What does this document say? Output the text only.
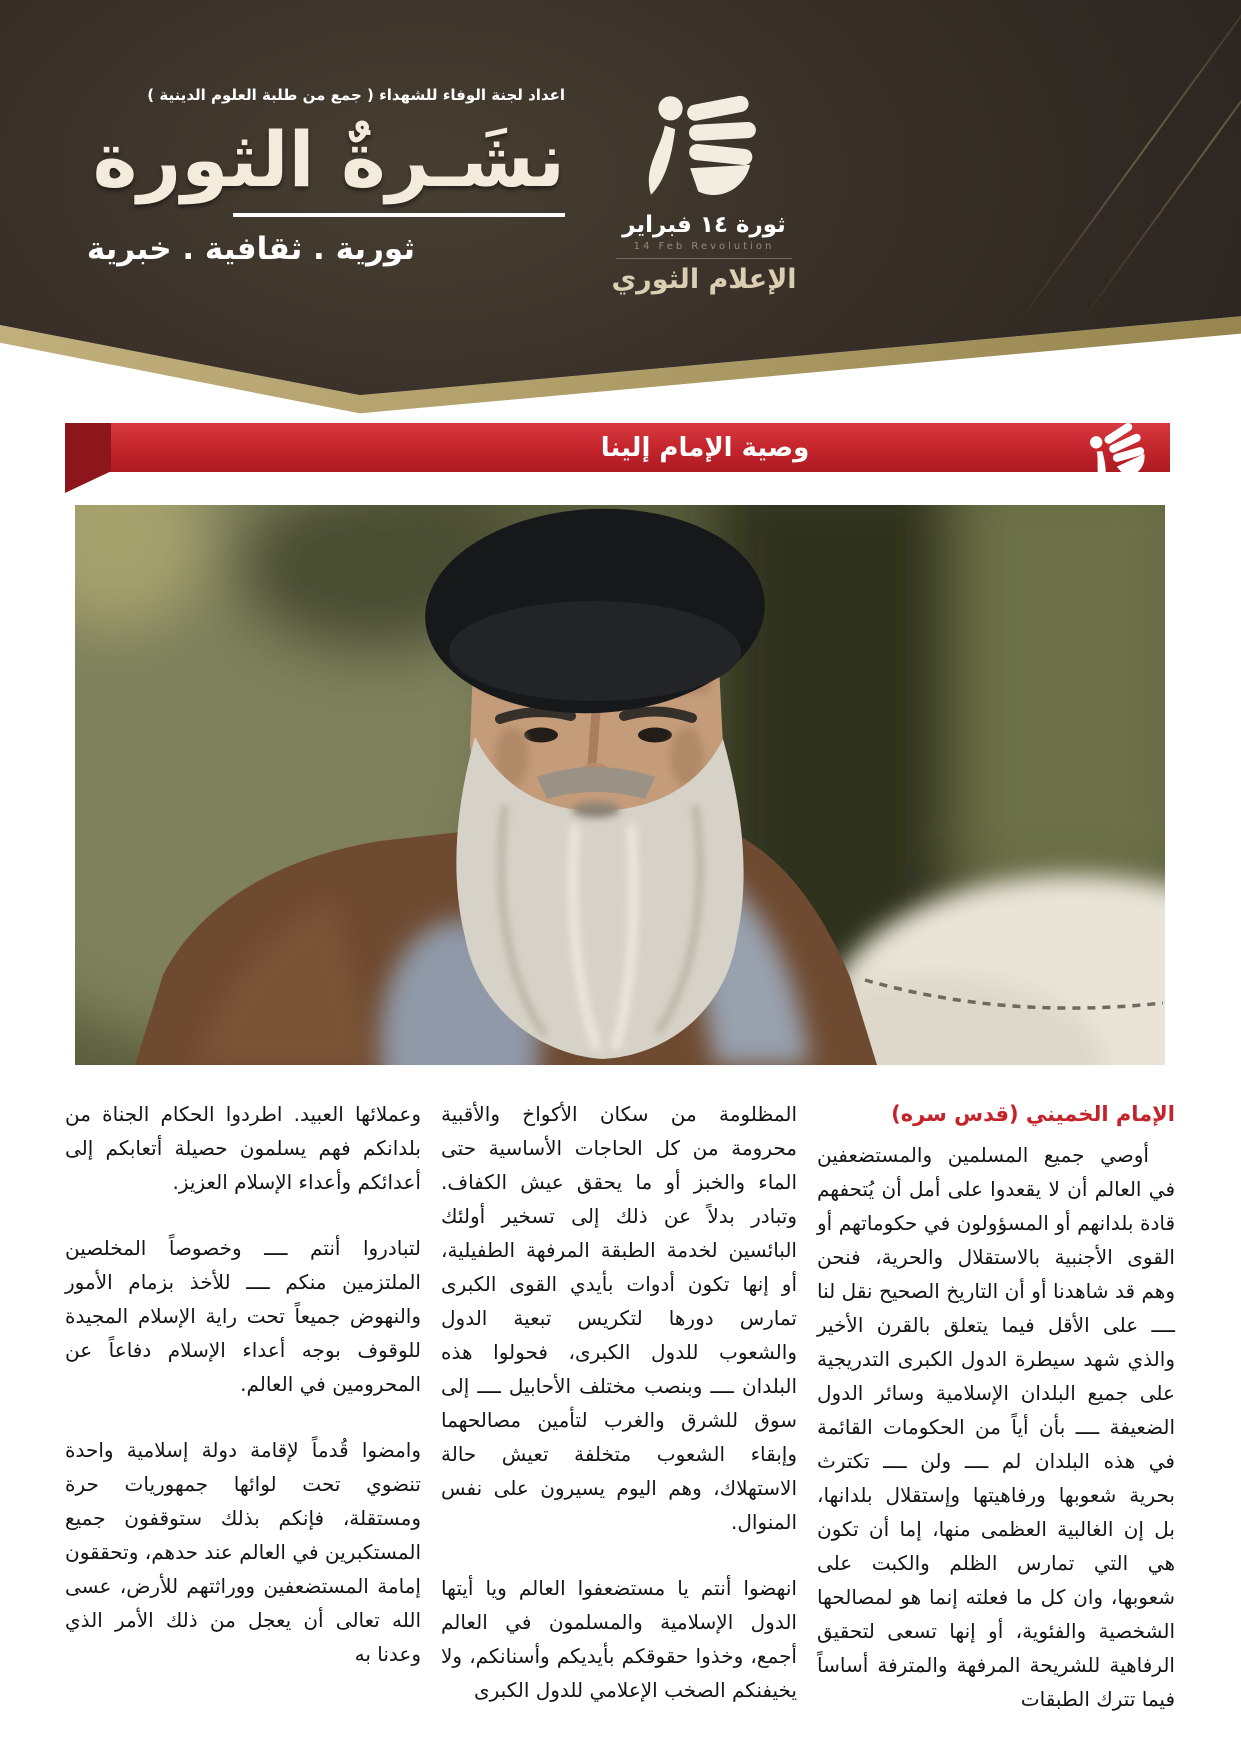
اعداد لجنة الوفاء للشهداء ( جمع من طلبة العلوم الدينية )
نشَـرةٌ الثورة
ثورية . ثقافية . خبرية
ثورة ١٤ فبراير
14 Feb Revolution
الإعلام الثوري
وصية الإمام إلينا
الإمام الخميني (قدس سره)

أوصي جميع المسلمين والمستضعفين في العالم أن لا يقعدوا على أمل أن يُتحفهم قادة بلدانهم أو المسؤولون في حكوماتهم أو القوى الأجنبية بالاستقلال والحرية، فنحن وهم قد شاهدنا أو أن التاريخ الصحيح نقل لنا ــــ على الأقل فيما يتعلق بالقرن الأخير والذي شهد سيطرة الدول الكبرى التدريجية على جميع البلدان الإسلامية وسائر الدول الضعيفة ــــ بأن أياً من الحكومات القائمة في هذه البلدان لم ــــ ولن ــــ تكترث بحرية شعوبها ورفاهيتها وإستقلال بلدانها، بل إن الغالبية العظمى منها، إما أن تكون هي التي تمارس الظلم والكبت على شعوبها، وان كل ما فعلته إنما هو لمصالحها الشخصية والفئوية، أو إنها تسعى لتحقيق الرفاهية للشريحة المرفهة والمترفة أساساً فيما تترك الطبقات

المظلومة من سكان الأكواخ والأقبية محرومة من كل الحاجات الأساسية حتى الماء والخبز أو ما يحقق عيش الكفاف. وتبادر بدلاً عن ذلك إلى تسخير أولئك البائسين لخدمة الطبقة المرفهة الطفيلية، أو إنها تكون أدوات بأيدي القوى الكبرى تمارس دورها لتكريس تبعية الدول والشعوب للدول الكبرى، فحولوا هذه البلدان ــــ وبنصب مختلف الأحابيل ــــ إلى سوق للشرق والغرب لتأمين مصالحهما وإبقاء الشعوب متخلفة تعيش حالة الاستهلاك، وهم اليوم يسيرون على نفس المنوال.

انهضوا أنتم يا مستضعفوا العالم ويا أيتها الدول الإسلامية والمسلمون في العالم أجمع، وخذوا حقوقكم بأيديكم وأسنانكم، ولا يخيفنكم الصخب الإعلامي للدول الكبرى

وعملائها العبيد. اطردوا الحكام الجناة من بلدانكم فهم يسلمون حصيلة أتعابكم إلى أعدائكم وأعداء الإسلام العزيز.

لتبادروا أنتم ــــ وخصوصاً المخلصين الملتزمين منكم ــــ للأخذ بزمام الأمور والنهوض جميعاً تحت راية الإسلام المجيدة للوقوف بوجه أعداء الإسلام دفاعاً عن المحرومين في العالم.

وامضوا قُدماً لإقامة دولة إسلامية واحدة تنضوي تحت لوائها جمهوريات حرة ومستقلة، فإنكم بذلك ستوقفون جميع المستكبرين في العالم عند حدهم، وتحققون إمامة المستضعفين ووراثتهم للأرض، عسى الله تعالى أن يعجل من ذلك الأمر الذي وعدنا به
